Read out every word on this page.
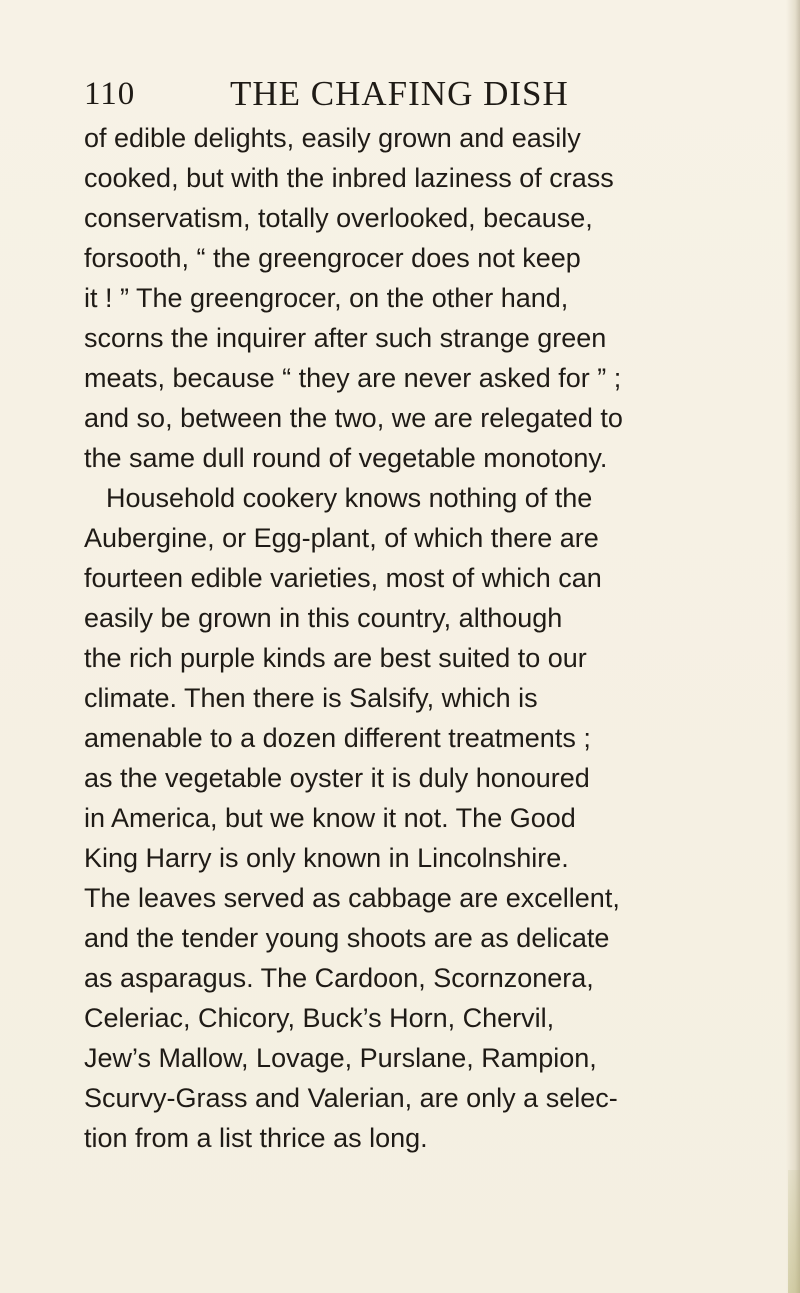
110	THE CHAFING DISH
of edible delights, easily grown and easily
cooked, but with the inbred laziness of crass
conservatism, totally overlooked, because,
forsooth, “ the greengrocer does not keep
it ! ” The greengrocer, on the other hand,
scorns the inquirer after such strange green
meats, because “ they are never asked for ” ;
and so, between the two, we are relegated to
the same dull round of vegetable monotony.
Household cookery knows nothing of the
Aubergine, or Egg-plant, of which there are
fourteen edible varieties, most of which can
easily be grown in this country, although
the rich purple kinds are best suited to our
climate. Then there is Salsify, which is
amenable to a dozen different treatments ;
as the vegetable oyster it is duly honoured
in America, but we know it not. The Good
King Harry is only known in Lincolnshire.
The leaves served as cabbage are excellent,
and the tender young shoots are as delicate
as asparagus. The Cardoon, Scornzonera,
Celeriac, Chicory, Buck’s Horn, Chervil,
Jew’s Mallow, Lovage, Purslane, Rampion,
Scurvy-Grass and Valerian, are only a selec-
tion from a list thrice as long.
